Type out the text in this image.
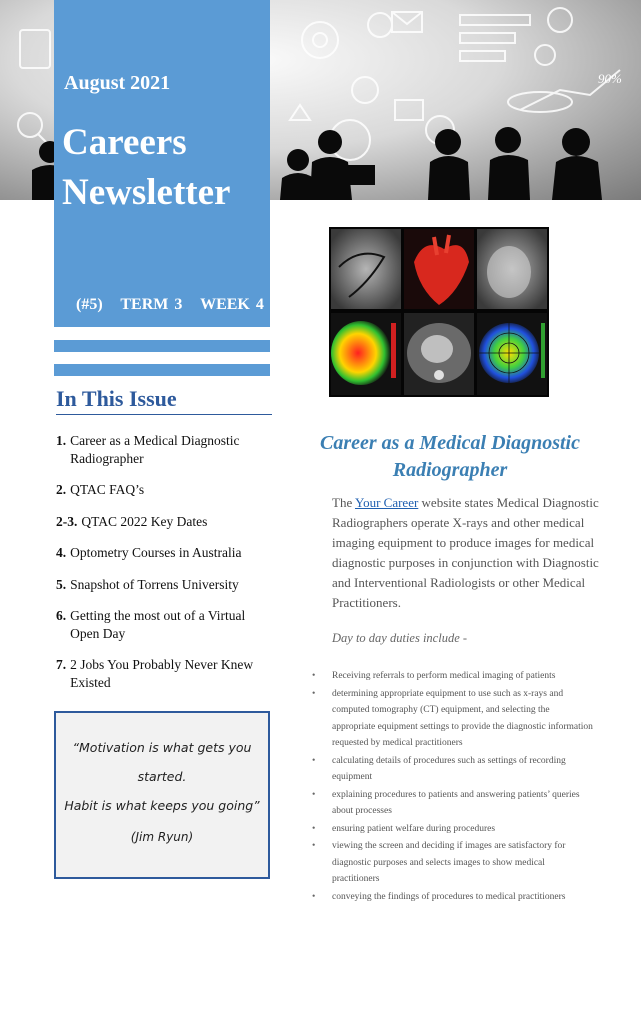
90%
August 2021
Careers
Newsletter
(#5)   TERM 3   WEEK 4
In This Issue
1. Career as a Medical Diagnostic Radiographer
2. QTAC FAQ’s
2-3. QTAC 2022 Key Dates
4. Optometry Courses in Australia
5. Snapshot of Torrens University
6. Getting the most out of a Virtual Open Day
7. 2 Jobs You Probably Never Knew Existed
“Motivation is what gets you started.
Habit is what keeps you going”
(Jim Ryun)
Career as a Medical Diagnostic Radiographer
The Your Career website states Medical Diagnostic Radiographers operate X-rays and other medical imaging equipment to produce images for medical diagnostic purposes in conjunction with Diagnostic and Interventional Radiologists or other Medical Practitioners.
Day to day duties include -
• Receiving referrals to perform medical imaging of patients
• determining appropriate equipment to use such as x-rays and computed tomography (CT) equipment, and selecting the appropriate equipment settings to provide the diagnostic information requested by medical practitioners
• calculating details of procedures such as settings of recording equipment
• explaining procedures to patients and answering patients’ queries about processes
• ensuring patient welfare during procedures
• viewing the screen and deciding if images are satisfactory for diagnostic purposes and selects images to show medical practitioners
• conveying the findings of procedures to medical practitioners
